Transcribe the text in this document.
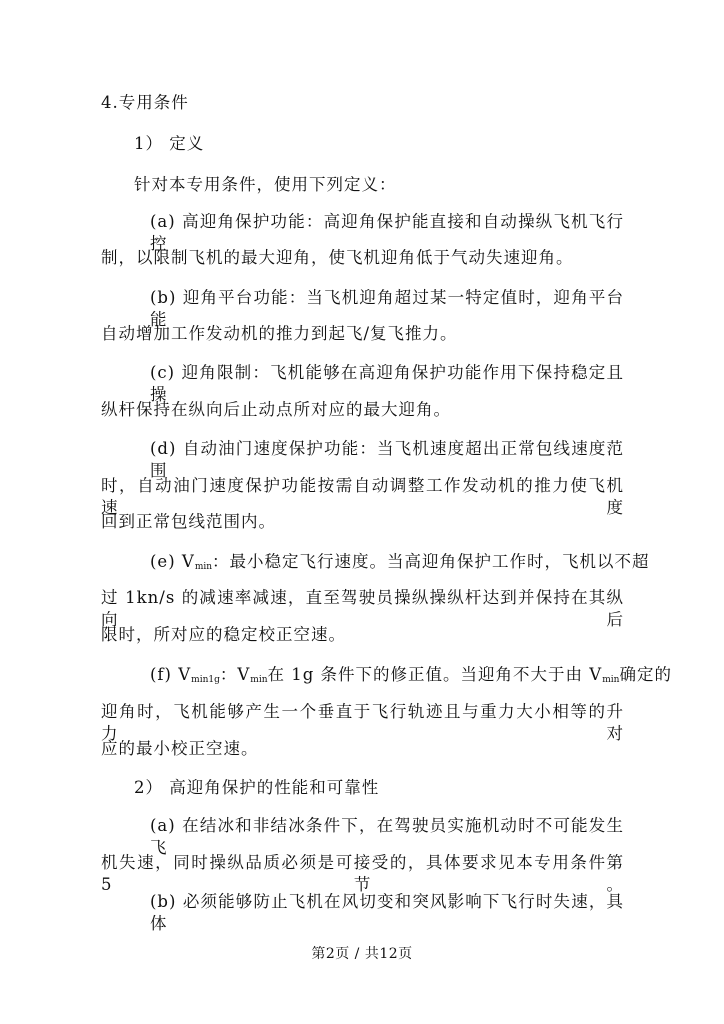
4.专用条件
1） 定义
针对本专用条件，使用下列定义：
(a) 高迎角保护功能：高迎角保护能直接和自动操纵飞机飞行控
制，以限制飞机的最大迎角，使飞机迎角低于气动失速迎角。
(b) 迎角平台功能：当飞机迎角超过某一特定值时，迎角平台能
自动增加工作发动机的推力到起飞/复飞推力。
(c) 迎角限制：飞机能够在高迎角保护功能作用下保持稳定且操
纵杆保持在纵向后止动点所对应的最大迎角。
(d) 自动油门速度保护功能：当飞机速度超出正常包线速度范围
时，自动油门速度保护功能按需自动调整工作发动机的推力使飞机速度
回到正常包线范围内。
(e) $V_{min}$：最小稳定飞行速度。当高迎角保护工作时，飞机以不超
过 1kn/s 的减速率减速，直至驾驶员操纵操纵杆达到并保持在其纵向后
限时，所对应的稳定校正空速。
(f) $V_{min1g}$：$V_{min}$在 1g 条件下的修正值。当迎角不大于由 $V_{min}$确定的
迎角时，飞机能够产生一个垂直于飞行轨迹且与重力大小相等的升力对
应的最小校正空速。
2） 高迎角保护的性能和可靠性
(a) 在结冰和非结冰条件下，在驾驶员实施机动时不可能发生飞
机失速，同时操纵品质必须是可接受的，具体要求见本专用条件第 5 节。
(b) 必须能够防止飞机在风切变和突风影响下飞行时失速，具体
第2页 / 共12页
